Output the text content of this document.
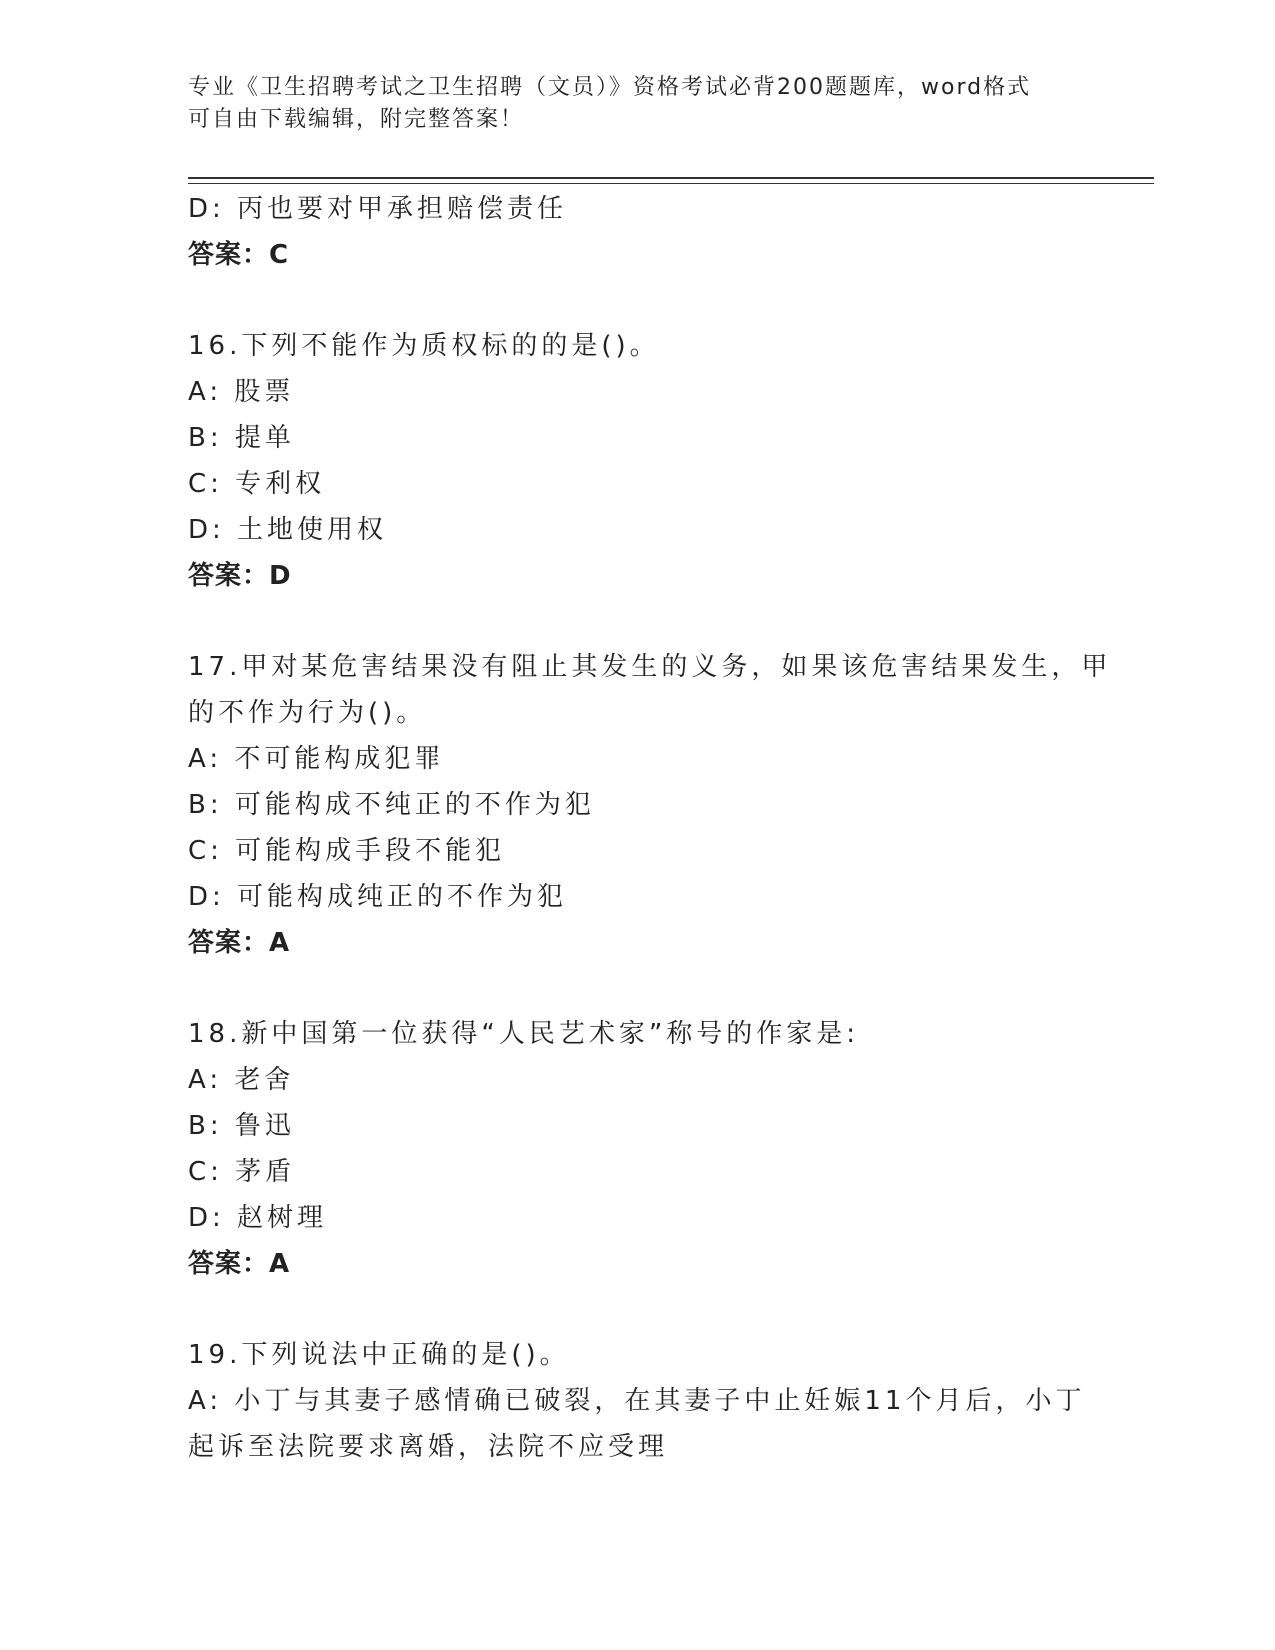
专业《卫生招聘考试之卫生招聘（文员）》资格考试必背200题题库，word格式
可自由下载编辑，附完整答案！
D: 丙也要对甲承担赔偿责任
答案：C
16.下列不能作为质权标的的是()。
A: 股票
B: 提单
C: 专利权
D: 土地使用权
答案：D
17.甲对某危害结果没有阻止其发生的义务，如果该危害结果发生，甲
的不作为行为()。
A: 不可能构成犯罪
B: 可能构成不纯正的不作为犯
C: 可能构成手段不能犯
D: 可能构成纯正的不作为犯
答案：A
18.新中国第一位获得“人民艺术家”称号的作家是:
A: 老舍
B: 鲁迅
C: 茅盾
D: 赵树理
答案：A
19.下列说法中正确的是()。
A: 小丁与其妻子感情确已破裂，在其妻子中止妊娠11个月后，小丁
起诉至法院要求离婚，法院不应受理
